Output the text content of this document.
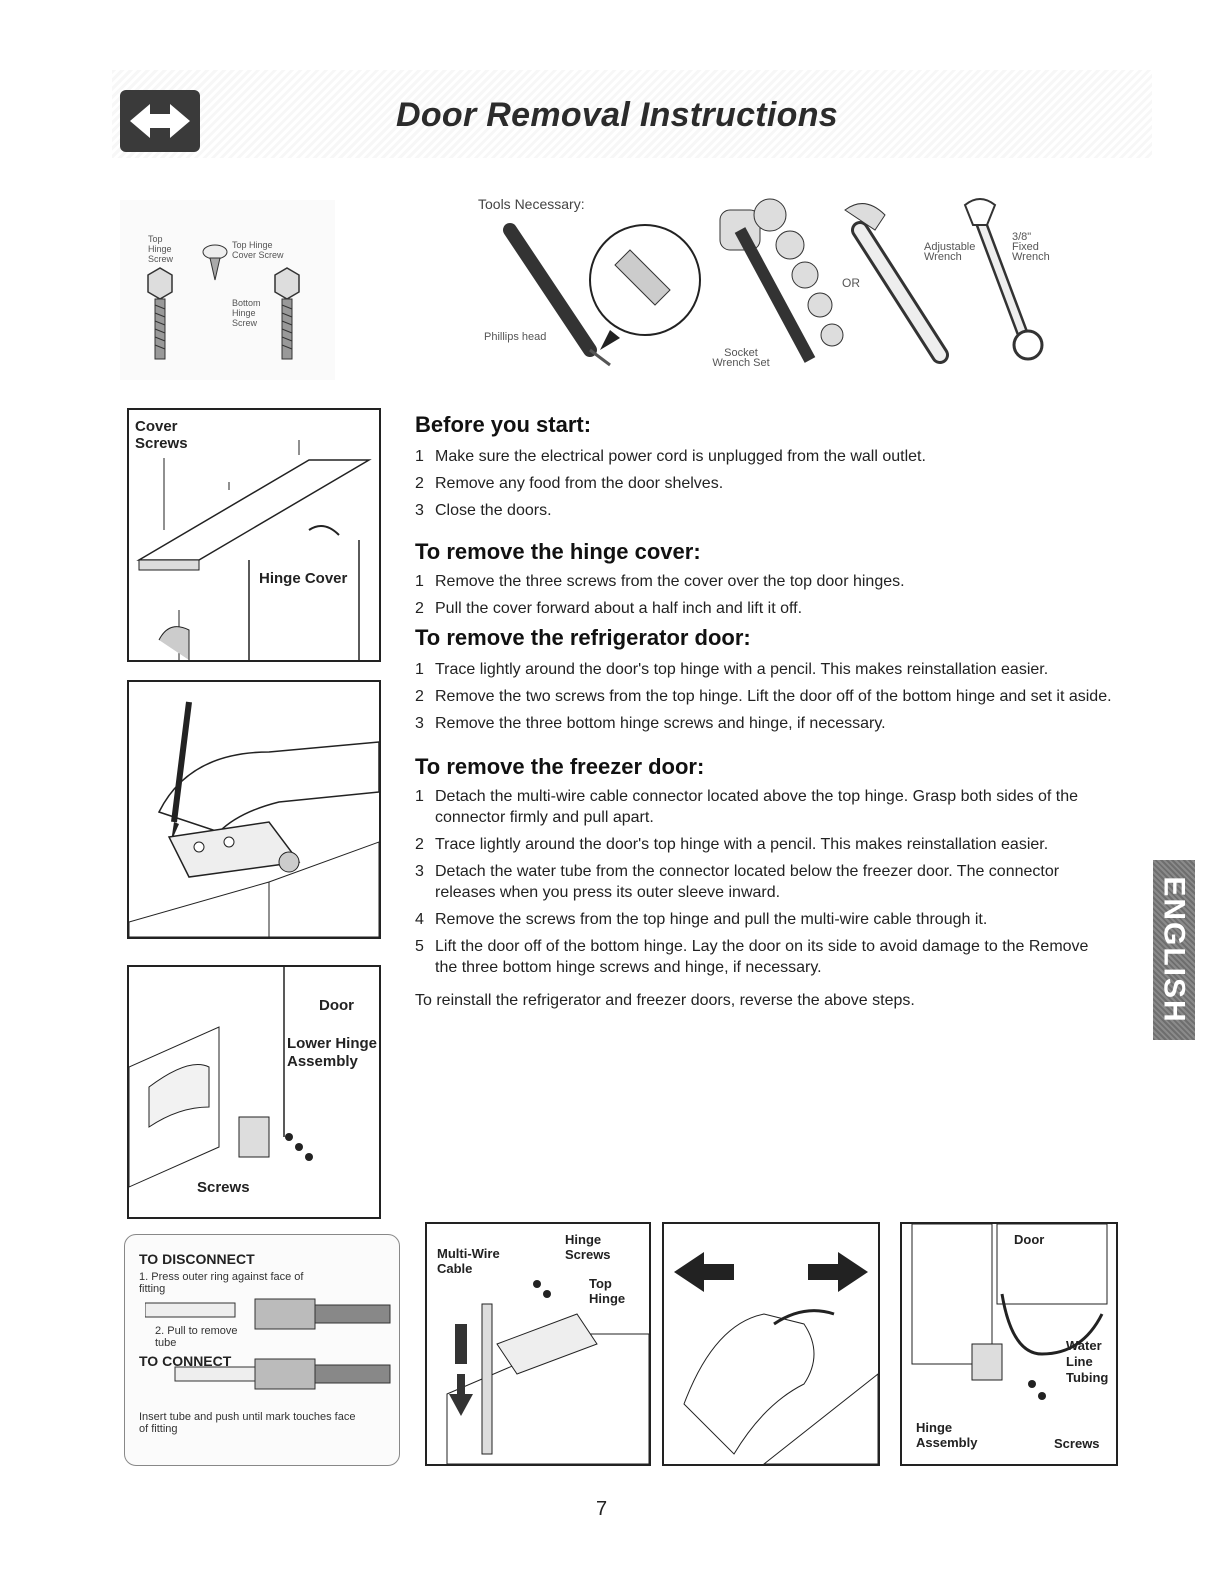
Door Removal Instructions
Top Hinge Screw
Top Hinge Cover Screw
Bottom Hinge Screw
Tools Necessary:
Phillips head
Socket Wrench Set
OR
Adjustable Wrench
3/8" Fixed Wrench
Cover Screws
Hinge Cover
Door
Lower Hinge Assembly
Screws
Before you start:
1 Make sure the electrical power cord is unplugged from the wall outlet.
2 Remove any food from the door shelves.
3 Close the doors.
To remove the hinge cover:
1 Remove the three screws from the cover over the top door hinges.
2 Pull the cover forward about a half inch and lift it off.
To remove the refrigerator door:
1 Trace lightly around the door's top hinge with a pencil. This makes reinstallation easier.
2 Remove the two screws from the top hinge. Lift the door off of the bottom hinge and set it aside.
3 Remove the three bottom hinge screws and hinge, if necessary.
To remove the freezer door:
1 Detach the multi-wire cable connector located above the top hinge. Grasp both sides of the connector firmly and pull apart.
2 Trace lightly around the door's top hinge with a pencil. This makes reinstallation easier.
3 Detach the water tube from the connector located below the freezer door. The connector releases when you press its outer sleeve inward.
4 Remove the screws from the top hinge and pull the multi-wire cable through it.
5 Lift the door off of the bottom hinge. Lay the door on its side to avoid damage to the Remove the three bottom hinge screws and hinge, if necessary.
To reinstall the refrigerator and freezer doors, reverse the above steps.	ENGLISH
TO DISCONNECT
1. Press outer ring against face of fitting
2. Pull to remove tube
TO CONNECT
Insert tube and push until mark touches face of fitting
Multi-Wire Cable
Hinge Screws
Top Hinge
Door
Water Line Tubing
Hinge Assembly	Screws
7
